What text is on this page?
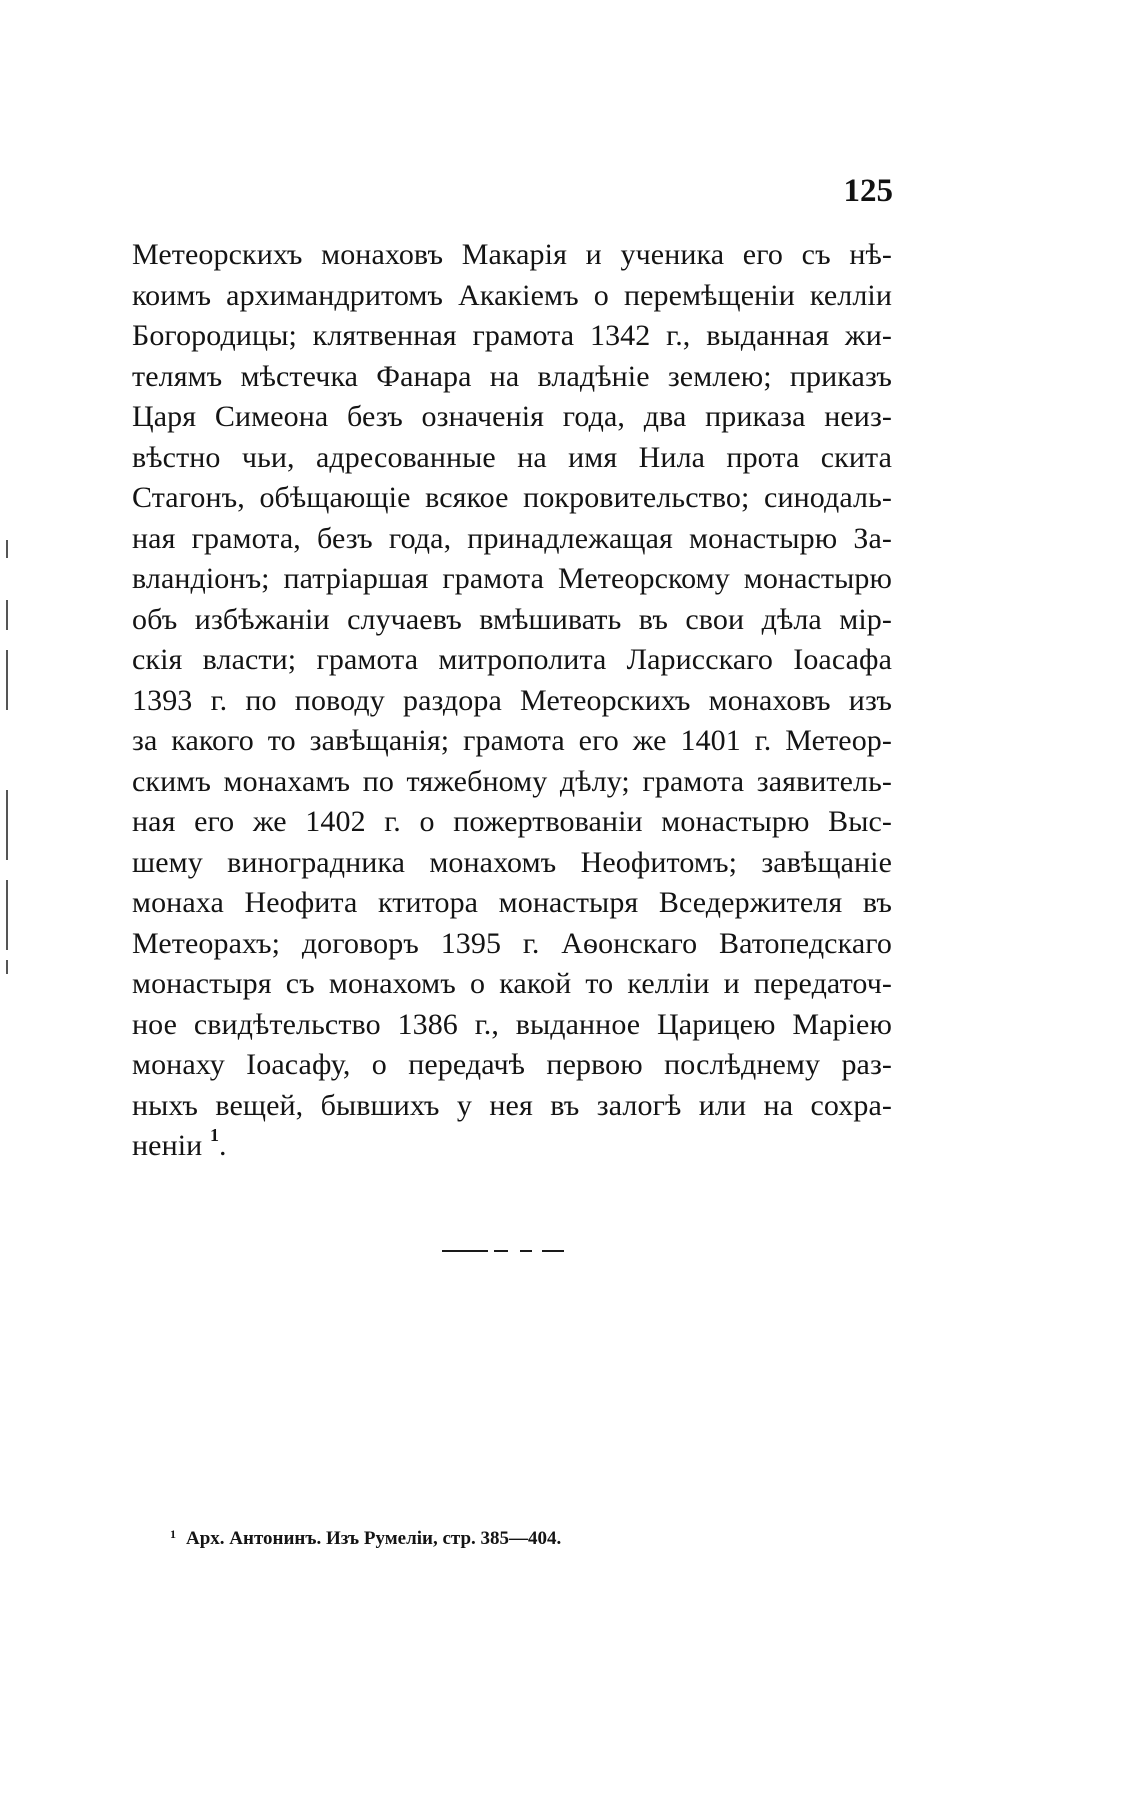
125
Метеорскихъ монаховъ Макарія и ученика его съ нѣ-
коимъ архимандритомъ Акакіемъ о перемѣщеніи келліи
Богородицы; клятвенная грамота 1342 г., выданная жи-
телямъ мѣстечка Фанара на владѣніе землею; приказъ
Царя Симеона безъ означенія года, два приказа неиз-
вѣстно чьи, адресованные на имя Нила прота скита
Стагонъ, обѣщающіе всякое покровительство; синодаль-
ная грамота, безъ года, принадлежащая монастырю За-
вландіонъ; патріаршая грамота Метеорскому монастырю
объ избѣжаніи случаевъ вмѣшивать въ свои дѣла мір-
скія власти; грамота митрополита Ларисскаго Іоасафа
1393 г. по поводу раздора Метеорскихъ монаховъ изъ
за какого то завѣщанія; грамота его же 1401 г. Метеор-
скимъ монахамъ по тяжебному дѣлу; грамота заявитель-
ная его же 1402 г. о пожертвованіи монастырю Выс-
шему виноградника монахомъ Неофитомъ; завѣщаніе
монаха Неофита ктитора монастыря Вседержителя въ
Метеорахъ; договоръ 1395 г. Аѳонскаго Ватопедскаго
монастыря съ монахомъ о какой то келліи и передаточ-
ное свидѣтельство 1386 г., выданное Царицею Маріею
монаху Іоасафу, о передачѣ первою послѣднему раз-
ныхъ вещей, бывшихъ у нея въ залогѣ или на сохра-
неніи $^1$.
$^1$ Арх. Антонинъ. Изъ Румеліи, стр. 385—404.
